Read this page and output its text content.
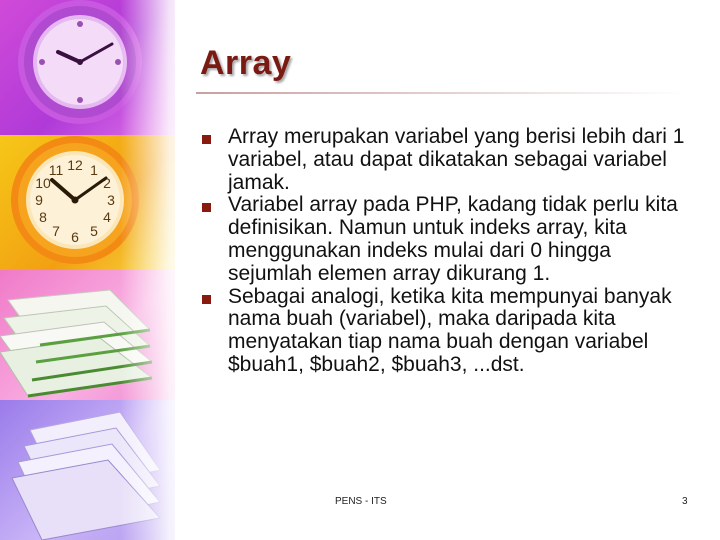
12 1
2
3
4
5
6
7
8
9
10
11
Array
Array merupakan variabel yang berisi lebih dari 1 variabel, atau dapat dikatakan sebagai variabel jamak.
Variabel array pada PHP, kadang tidak perlu kita definisikan. Namun untuk indeks array, kita menggunakan indeks mulai dari 0 hingga sejumlah elemen array dikurang 1.
Sebagai analogi, ketika kita mempunyai banyak nama buah (variabel), maka daripada kita menyatakan tiap nama buah dengan variabel $buah1, $buah2, $buah3, ...dst.
PENS - ITS	3
